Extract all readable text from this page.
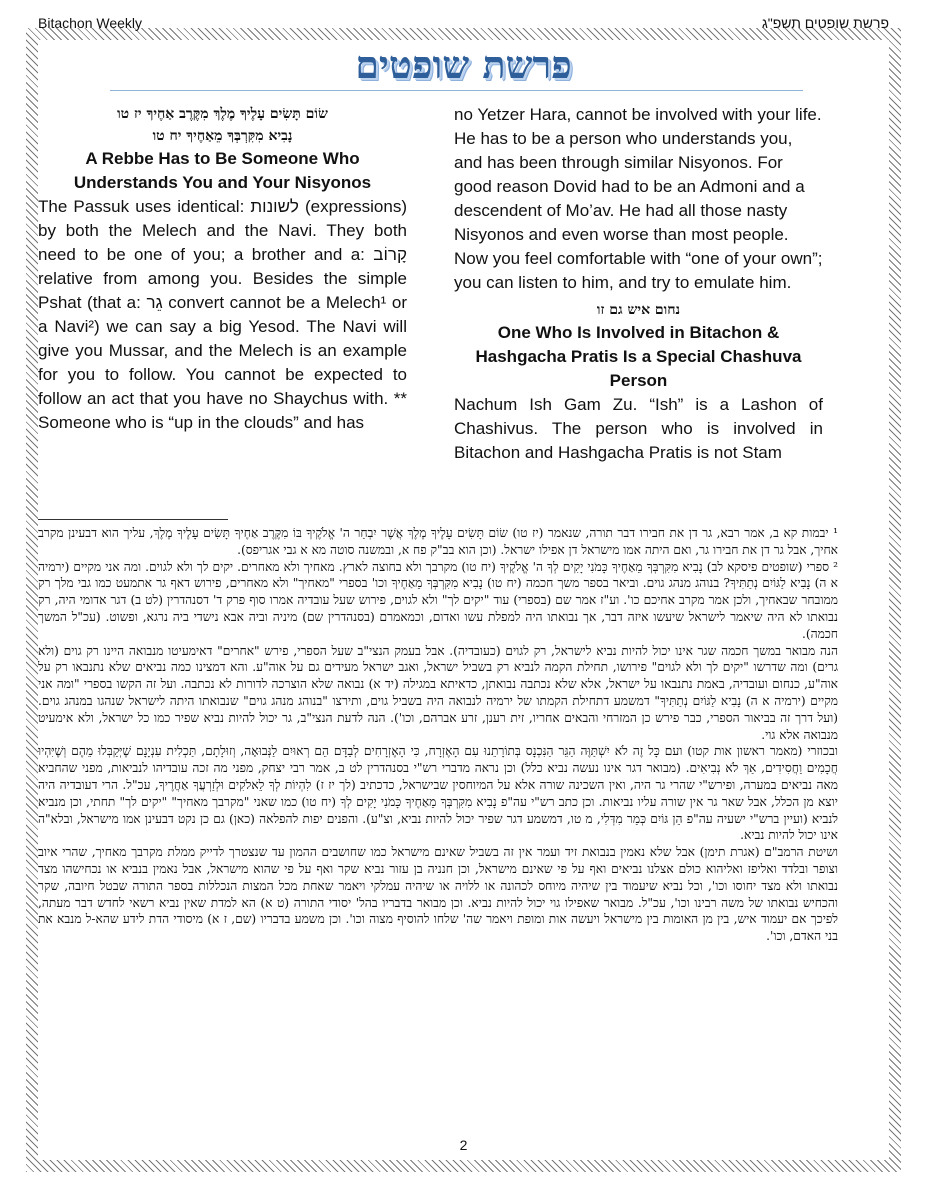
Bitachon Weekly	פרשת שופטים תשפ"ג
פרשת שופטים
שׂוֹם תָּשִׂים עָלֶיךָ מֶלֶךְ מִקֶּרֶב אַחֶיךָ יז טו
נָבִיא מִקִּרְבְּךָ מֵאַחֶיךָ יח טו
A Rebbe Has to Be Someone Who Understands You and Your Nisyonos
The Passuk uses identical: לשונות (expressions) by both the Melech and the Navi. They both need to be one of you; a brother and a: קָרוֹב relative from among you. Besides the simple Pshat (that a: גֵר convert cannot be a Melech¹ or a Navi²) we can say a big Yesod. The Navi will give you Mussar, and the Melech is an example for you to follow. You cannot be expected to follow an act that you have no Shaychus with. ** Someone who is “up in the clouds” and has
no Yetzer Hara, cannot be involved with your life. He has to be a person who understands you, and has been through similar Nisyonos. For good reason Dovid had to be an Admoni and a descendent of Mo’av. He had all those nasty Nisyonos and even worse than most people. Now you feel comfortable with “one of your own”; you can listen to him, and try to emulate him.
נחום איש גם זו
One Who Is Involved in Bitachon & Hashgacha Pratis Is a Special Chashuva Person
Nachum Ish Gam Zu. “Ish” is a Lashon of Chashivus. The person who is involved in Bitachon and Hashgacha Pratis is not Stam

¹ יבמות קא ב, אמר רבא, גר דן את חבירו דבר תורה, שנאמר (יז טו) שׂוֹם תָּשִׂים עָלֶיךָ מֶלֶךְ אֲשֶׁר יִבְחַר ה' אֱלֹקֶיךָ בּוֹ מִקֶּרֶב אַחֶיךָ תָּשִׂים עָלֶיךָ מֶלֶךְ, עליך הוא דבעינן מקרב אחיך, אבל גר דן את חבירו גר, ואם היתה אמו מישראל דן אפילו ישראל. (וכן הוא בב"ק פח א, ובמשנה סוטה מא א גבי אגריפס).

² ספרי (שופטים פיסקא לב) נָבִיא מִקִּרְבְּךָ מֵאַחֶיךָ כָּמֹנִי יָקִים לְךָ ה' אֱלֹקֶיךָ (יח טו) מקרבך ולא בחוצה לארץ. מאחיך ולא מאחרים. יקים לך ולא לגוים. ומה אני מקיים (ירמיה א ה) נָבִיא לַגּוֹיִם נְתַתִּיךָ? בנוהג מנהג גוים. וביאר בספר משך חכמה (יח טו) נָבִיא מִקִּרְבְּךָ מֵאַחֶיךָ וכו' בספרי "מאחיך" ולא מאחרים, פירוש דאף גר אתמעט כמו גבי מלך רק ממובחר שבאחיך, ולכן אמר מקרב אחיכם כו'. וע"ז אמר שם (בספרי) עוד "יקים לך" ולא לגוים, פירוש שעל עובדיה אמרו סוף פרק ד' דסנהדרין (לט ב) דגר אדומי היה, רק נבואתו לא היה שיאמר לישראל שיעשו איזה דבר, אך נבואתו היה למפלת עשו ואדום, וכמאמרם (בסנהדרין שם) מיניה וביה אבא נישדי ביה נרגא, ופשוט. (עכ"ל המשך חכמה).

הנה מבואר במשך חכמה שגר אינו יכול להיות נביא לישראל, רק לגוים (כעובדיה). אבל בעמק הנצי"ב שעל הספרי, פירש "אחרים" דאימעיטו מנבואה היינו רק גוים (ולא גרים) ומה שדרשו "יקים לך ולא לגוים" פירושו, תחילת הקמה לנביא רק בשביל ישראל, ואגב ישראל מעידים גם על אוה"ע. והא דמצינו כמה נביאים שלא נתנבאו רק על אוה"ע, כנחום ועובדיה, באמת נתנבאו על ישראל, אלא שלא נכתבה נבואתן, כדאיתא במגילה (יד א) נבואה שלא הוצרכה לדורות לא נכתבה. ועל זה הקשו בספרי "ומה אני מקיים (ירמיה א ה) נָבִיא לַגּוֹיִם נְתַתִּיךָ" דמשמע דתחילת הקמתו של ירמיה לנבואה היה בשביל גוים, ותירצו "בנוהג מנהג גוים" שנבואתו היתה לישראל שנהגו במנהג גוים. (ועל דרך זה בביאור הספרי, כבר פירש כן המזרחי והבאים אחריו, זית רענן, זרע אברהם, וכו'). הנה לדעת הנצי"ב, גר יכול להיות נביא שפיר כמו כל ישראל, ולא אימעיט מנבואה אלא גוי.

ובכוזרי (מאמר ראשון אות קטו) ועם כָּל זֶה לֹא יִשְׁתַּוֶּה הַגֵּר הַנִּכְנָס בְּתוֹרָתֵנוּ עִם הָאֶזְרָח, כִּי הָאֶזְרָחִים לְבַדָּם הֵם רְאוּיִם לַנְּבוּאָה, וְזוּלָתָם, תַּכְלִית עִנְיָנָם שֶׁיְּקַבְּלוּ מֵהֶם וְשֶׁיִּהְיוּ חֲכָמִים וַחֲסִידִים, אַךְ לֹא נְבִיאִים. (מבואר דגר אינו נעשה נביא כלל) וכן נראה מדברי רש"י בסנהדרין לט ב, אמר רבי יצחק, מפני מה זכה עובדיהו לנביאות, מפני שהחביא מאה נביאים במערה, ופירש"י שהרי גר היה, ואין השכינה שורה אלא על המיוחסין שבישראל, כדכתיב (לך יז ז) לִהְיוֹת לְךָ לֵאלֹקִים וּלְזַרְעֲךָ אַחֲרֶיךָ, עכ"ל. הרי דעובדיה היה יוצא מן הכלל, אבל שאר גר אין שורה עליו נביאות. וכן כתב רש"י עה"פ נָבִיא מִקִּרְבְּךָ מֵאַחֶיךָ כָּמֹנִי יָקִים לְךָ (יח טו) כמו שאני "מקרבך מאחיך" "יקים לך" תחתי, וכן מנביא לנביא (ועיין ברש"י ישעיה עה"פ הֵן גּוֹיִם כְּמַר מִדְּלִי, מ טו, דמשמע דגר שפיר יכול להיות נביא, וצ"ע). והפנים יפות להפלאה (כאן) גם כן נקט דבעינן אמו מישראל, ובלא"ה אינו יכול להיות נביא.

ושיטת הרמב"ם (אגרת תימן) אבל שלא נאמין בנבואת זיד ועמר אין זה בשביל שאינם מישראל כמו שחושבים ההמון עד שנצטרך לדייק ממלת מקרבך מאחיך, שהרי איוב וצופר ובלדד ואליפז ואליהוא כולם אצלנו נביאים ואף על פי שאינם מישראל, וכן חנניה בן עזור נביא שקר ואף על פי שהוא מישראל, אבל נאמין בנביא או נכחישהו מצד נבואתו ולא מצד יחוסו וכו', וכל נביא שיעמוד בין שיהיה מיוחס לכהונה או ללויה או שיהיה עמלקי ויאמר שאחת מכל המצות הנכללות בספר התורה שבטל חיובה, שקר והכחיש נבואתו של משה רבינו וכו', עכ"ל. מבואר שאפילו גוי יכול להיות נביא. וכן מבואר בדבריו בהל' יסודי התורה (ט א) הא למדת שאין נביא רשאי לחדש דבר מעתה, לפיכך אם יעמוד איש, בין מן האומות בין מישראל ויעשה אות ומופת ויאמר שה' שלחו להוסיף מצוה וכו'. וכן משמע בדבריו (שם, ז א) מיסודי הדת לידע שהא-ל מנבא את בני האדם, וכו'.

2
